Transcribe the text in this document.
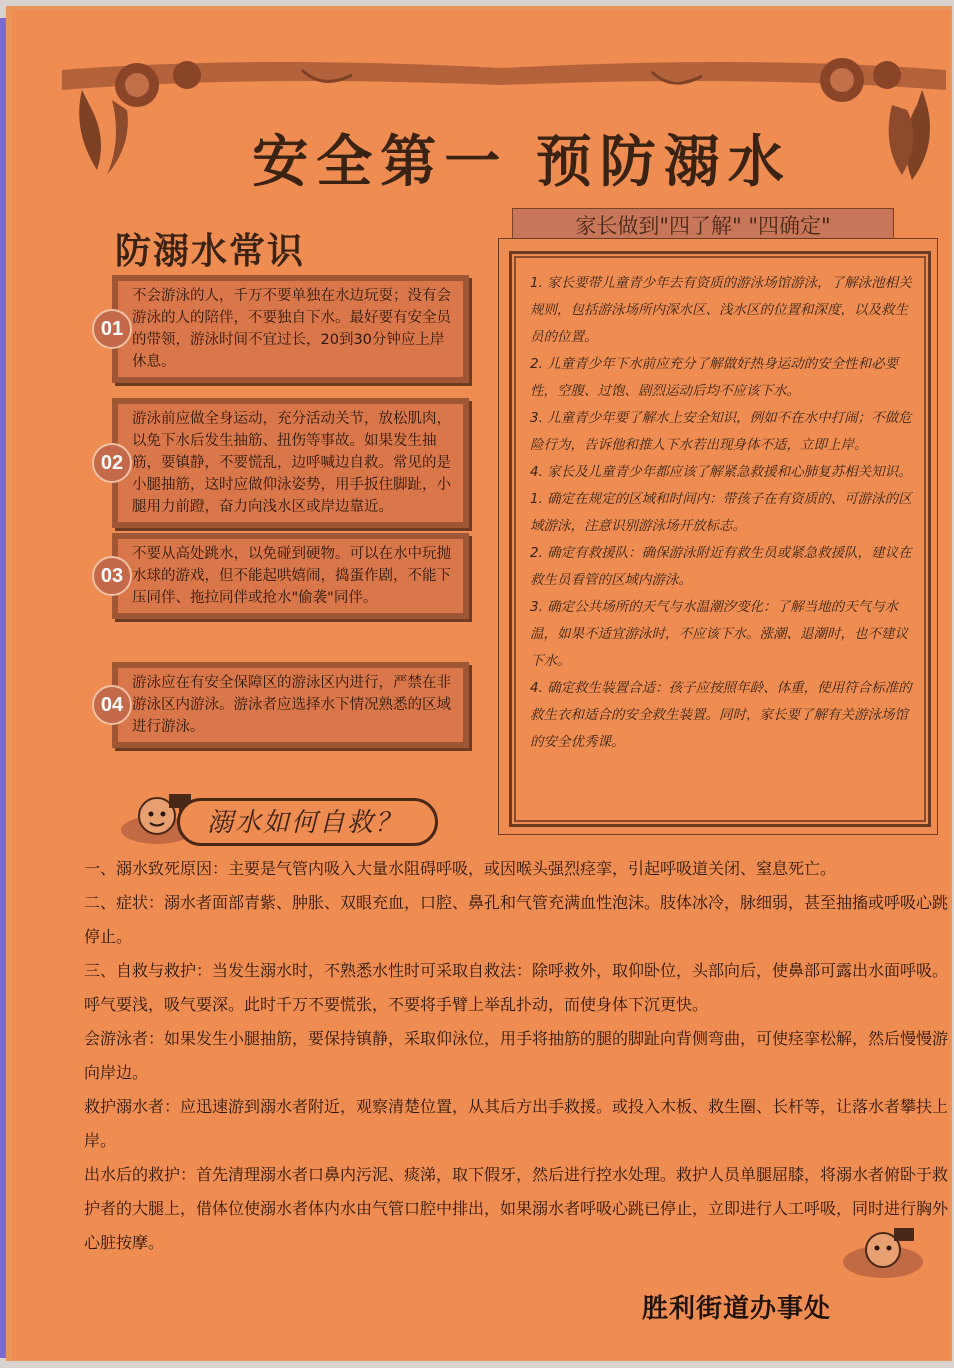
安全第一 预防溺水
防溺水常识
01
不会游泳的人，千万不要单独在水边玩耍；没有会游泳的人的陪伴，不要独自下水。最好要有安全员的带领，游泳时间不宜过长，20到30分钟应上岸休息。
02
游泳前应做全身运动，充分活动关节，放松肌肉，以免下水后发生抽筋、扭伤等事故。如果发生抽筋，要镇静，不要慌乱，边呼喊边自救。常见的是小腿抽筋，这时应做仰泳姿势，用手扳住脚趾，小腿用力前蹬，奋力向浅水区或岸边靠近。
03
不要从高处跳水，以免碰到硬物。可以在水中玩抛水球的游戏，但不能起哄嬉闹，捣蛋作剧，不能下压同伴、拖拉同伴或抢水"偷袭"同伴。
04
游泳应在有安全保障区的游泳区内进行，严禁在非游泳区内游泳。游泳者应选择水下情况熟悉的区域进行游泳。
家长做到"四了解" "四确定"
1. 家长要带儿童青少年去有资质的游泳场馆游泳，了解泳池相关规则，包括游泳场所内深水区、浅水区的位置和深度，以及救生员的位置。
2. 儿童青少年下水前应充分了解做好热身运动的安全性和必要性，空腹、过饱、剧烈运动后均不应该下水。
3. 儿童青少年要了解水上安全知识，例如不在水中打闹；不做危险行为，告诉他和推人下水若出现身体不适，立即上岸。
4. 家长及儿童青少年都应该了解紧急救援和心肺复苏相关知识。
1. 确定在规定的区域和时间内：带孩子在有资质的、可游泳的区域游泳，注意识别游泳场开放标志。
2. 确定有救援队：确保游泳附近有救生员或紧急救援队，建议在救生员看管的区域内游泳。
3. 确定公共场所的天气与水温潮汐变化：了解当地的天气与水温，如果不适宜游泳时，不应该下水。涨潮、退潮时，也不建议下水。
4. 确定救生装置合适：孩子应按照年龄、体重，使用符合标准的救生衣和适合的安全救生装置。同时，家长要了解有关游泳场馆的安全优秀课。
溺水如何自救？

一、溺水致死原因：主要是气管内吸入大量水阻碍呼吸，或因喉头强烈痉挛，引起呼吸道关闭、窒息死亡。

二、症状：溺水者面部青紫、肿胀、双眼充血，口腔、鼻孔和气管充满血性泡沫。肢体冰冷，脉细弱，甚至抽搐或呼吸心跳停止。

三、自救与救护：当发生溺水时，不熟悉水性时可采取自救法：除呼救外，取仰卧位，头部向后，使鼻部可露出水面呼吸。呼气要浅，吸气要深。此时千万不要慌张，不要将手臂上举乱扑动，而使身体下沉更快。

会游泳者：如果发生小腿抽筋，要保持镇静，采取仰泳位，用手将抽筋的腿的脚趾向背侧弯曲，可使痉挛松解，然后慢慢游向岸边。

救护溺水者：应迅速游到溺水者附近，观察清楚位置，从其后方出手救援。或投入木板、救生圈、长杆等，让落水者攀扶上岸。

出水后的救护：首先清理溺水者口鼻内污泥、痰涕，取下假牙，然后进行控水处理。救护人员单腿屈膝，将溺水者俯卧于救护者的大腿上，借体位使溺水者体内水由气管口腔中排出，如果溺水者呼吸心跳已停止，立即进行人工呼吸，同时进行胸外心脏按摩。

胜利街道办事处
